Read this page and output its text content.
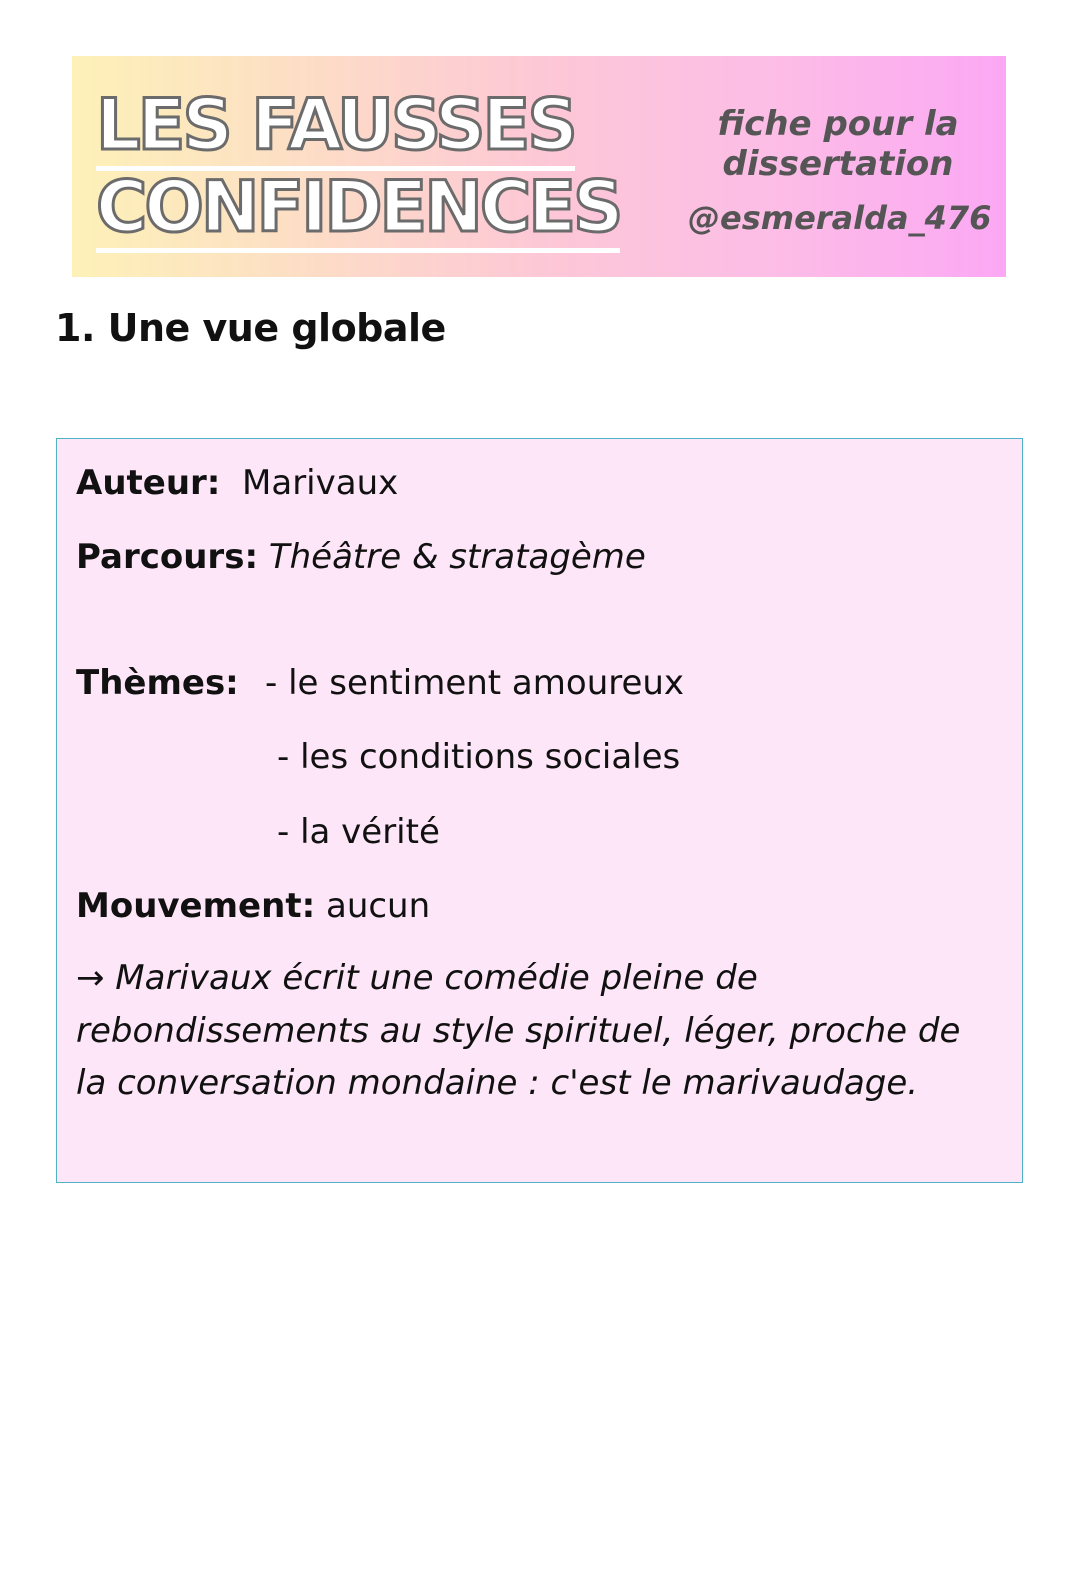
LES FAUSSES
CONFIDENCES
fiche pour la
dissertation
@esmeralda_476
1. Une vue globale
Auteur: Marivaux
Parcours: Théâtre & stratagème
Thèmes: - le sentiment amoureux
- les conditions sociales
- la vérité
Mouvement: aucun

→ Marivaux écrit une comédie pleine de rebondissements au style spirituel, léger, proche de la conversation mondaine : c'est le marivaudage.
